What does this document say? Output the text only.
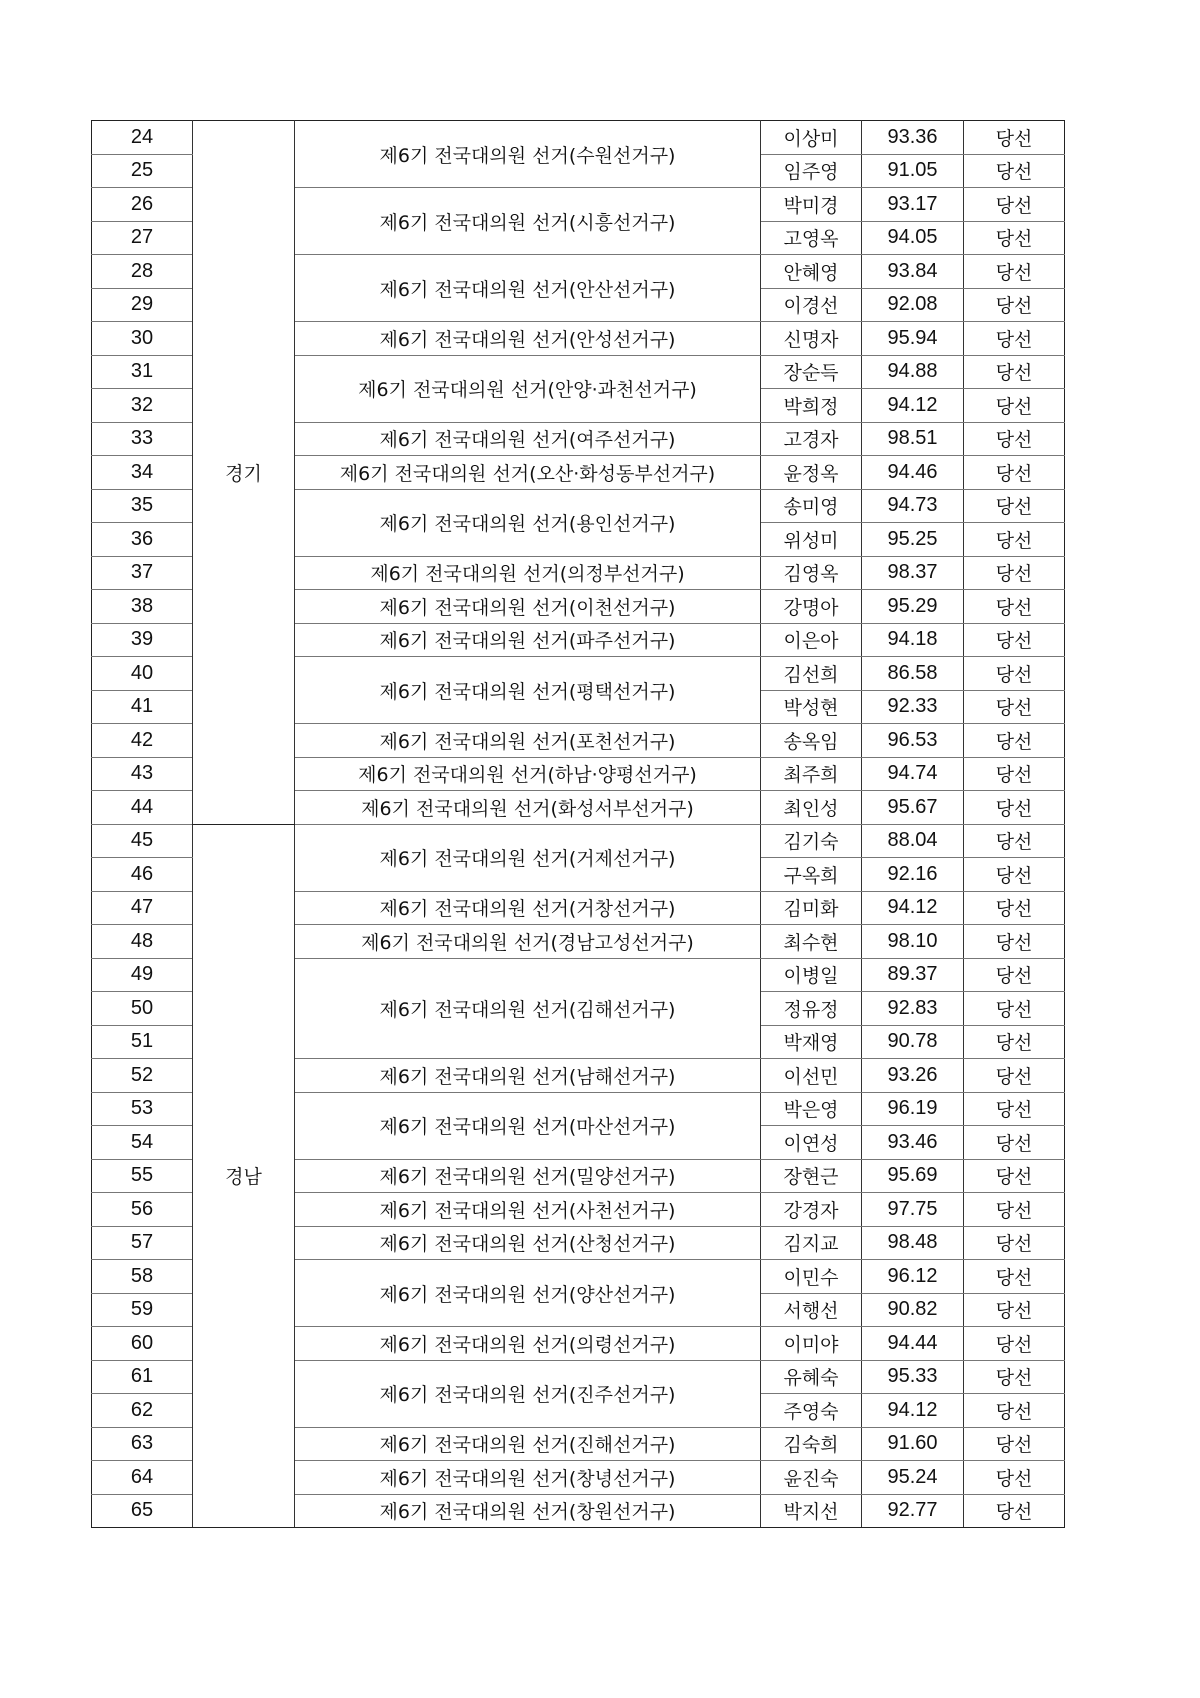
24	경기	제6기 전국대의원 선거(수원선거구)	이상미	93.36	당선
25			임주영	91.05	당선
26		제6기 전국대의원 선거(시흥선거구)	박미경	93.17	당선
27			고영옥	94.05	당선
28		제6기 전국대의원 선거(안산선거구)	안혜영	93.84	당선
29			이경선	92.08	당선
30		제6기 전국대의원 선거(안성선거구)	신명자	95.94	당선
31		제6기 전국대의원 선거(안양·과천선거구)	장순득	94.88	당선
32			박희정	94.12	당선
33		제6기 전국대의원 선거(여주선거구)	고경자	98.51	당선
34		제6기 전국대의원 선거(오산·화성동부선거구)	윤정옥	94.46	당선
35		제6기 전국대의원 선거(용인선거구)	송미영	94.73	당선
36			위성미	95.25	당선
37		제6기 전국대의원 선거(의정부선거구)	김영옥	98.37	당선
38		제6기 전국대의원 선거(이천선거구)	강명아	95.29	당선
39		제6기 전국대의원 선거(파주선거구)	이은아	94.18	당선
40		제6기 전국대의원 선거(평택선거구)	김선희	86.58	당선
41			박성현	92.33	당선
42		제6기 전국대의원 선거(포천선거구)	송옥임	96.53	당선
43		제6기 전국대의원 선거(하남·양평선거구)	최주희	94.74	당선
44		제6기 전국대의원 선거(화성서부선거구)	최인성	95.67	당선
45	경남	제6기 전국대의원 선거(거제선거구)	김기숙	88.04	당선
46			구옥희	92.16	당선
47		제6기 전국대의원 선거(거창선거구)	김미화	94.12	당선
48		제6기 전국대의원 선거(경남고성선거구)	최수현	98.10	당선
49		제6기 전국대의원 선거(김해선거구)	이병일	89.37	당선
50			정유정	92.83	당선
51			박재영	90.78	당선
52		제6기 전국대의원 선거(남해선거구)	이선민	93.26	당선
53		제6기 전국대의원 선거(마산선거구)	박은영	96.19	당선
54			이연성	93.46	당선
55		제6기 전국대의원 선거(밀양선거구)	장현근	95.69	당선
56		제6기 전국대의원 선거(사천선거구)	강경자	97.75	당선
57		제6기 전국대의원 선거(산청선거구)	김지교	98.48	당선
58		제6기 전국대의원 선거(양산선거구)	이민수	96.12	당선
59			서행선	90.82	당선
60		제6기 전국대의원 선거(의령선거구)	이미야	94.44	당선
61		제6기 전국대의원 선거(진주선거구)	유혜숙	95.33	당선
62			주영숙	94.12	당선
63		제6기 전국대의원 선거(진해선거구)	김숙희	91.60	당선
64		제6기 전국대의원 선거(창녕선거구)	윤진숙	95.24	당선
65		제6기 전국대의원 선거(창원선거구)	박지선	92.77	당선
